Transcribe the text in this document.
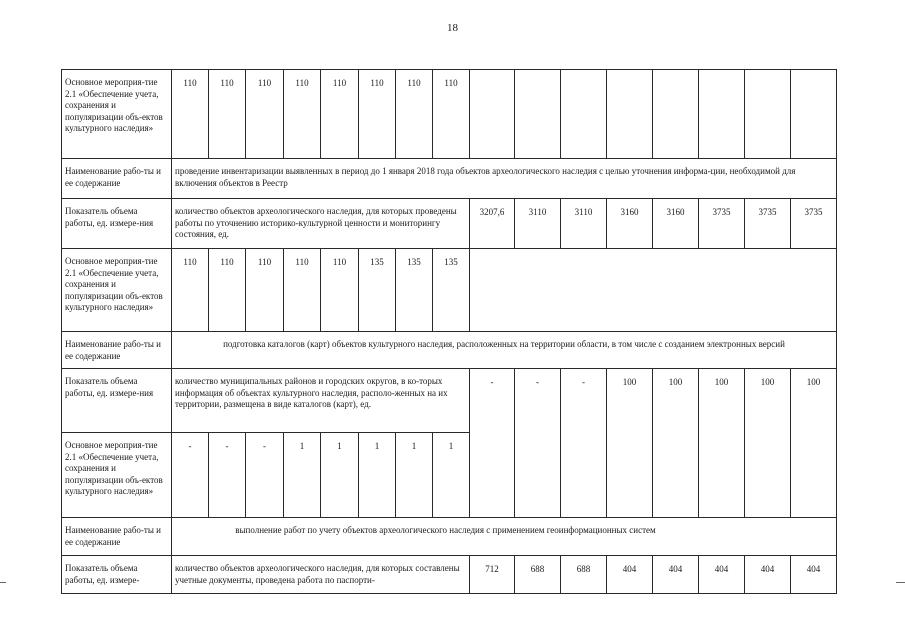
18
Основное мероприя-тие 2.1 «Обеспечение учета, сохранения и популяризации объ-ектов культурного наследия»	110	110	110	110	110	110	110	110								
Наименование рабо-ты и ее содержание	проведение инвентаризации выявленных в период до 1 января 2018 года объектов археологического наследия с целью уточнения информа-ции, необходимой для включения объектов в Реестр															
Показатель объема работы, ед. измере-ния	количество объектов археологического наследия, для которых проведены работы по уточнению историко-культурной ценности и мониторингу состояния, ед.								3207,6	3110	3110	3160	3160	3735	3735	3735
Основное мероприя-тие 2.1 «Обеспечение учета, сохранения и популяризации объ-ектов культурного наследия»	110	110	110	110	110	135	135	135								
Наименование рабо-ты и ее содержание	подготовка каталогов (карт) объектов культурного наследия, расположенных на территории области, в том числе с созданием электронных версий															
Показатель объема работы, ед. измере-ния	количество муниципальных районов и городских округов, в ко-торых информация об объектах культурного наследия, располо-женных на их территории, размещена в виде каталогов (карт), ед.								-	-	-	100	100	100	100	100
Основное мероприя-тие 2.1 «Обеспечение учета, сохранения и популяризации объ-ектов культурного наследия»	-	-	-	1	1	1	1	1								
Наименование рабо-ты и ее содержание	выполнение работ по учету объектов археологического наследия с применением геоинформационных систем															
Показатель объема работы, ед. измере-	количество объектов археологического наследия, для которых составлены учетные документы, проведена работа по паспорти-								712	688	688	404	404	404	404	404
